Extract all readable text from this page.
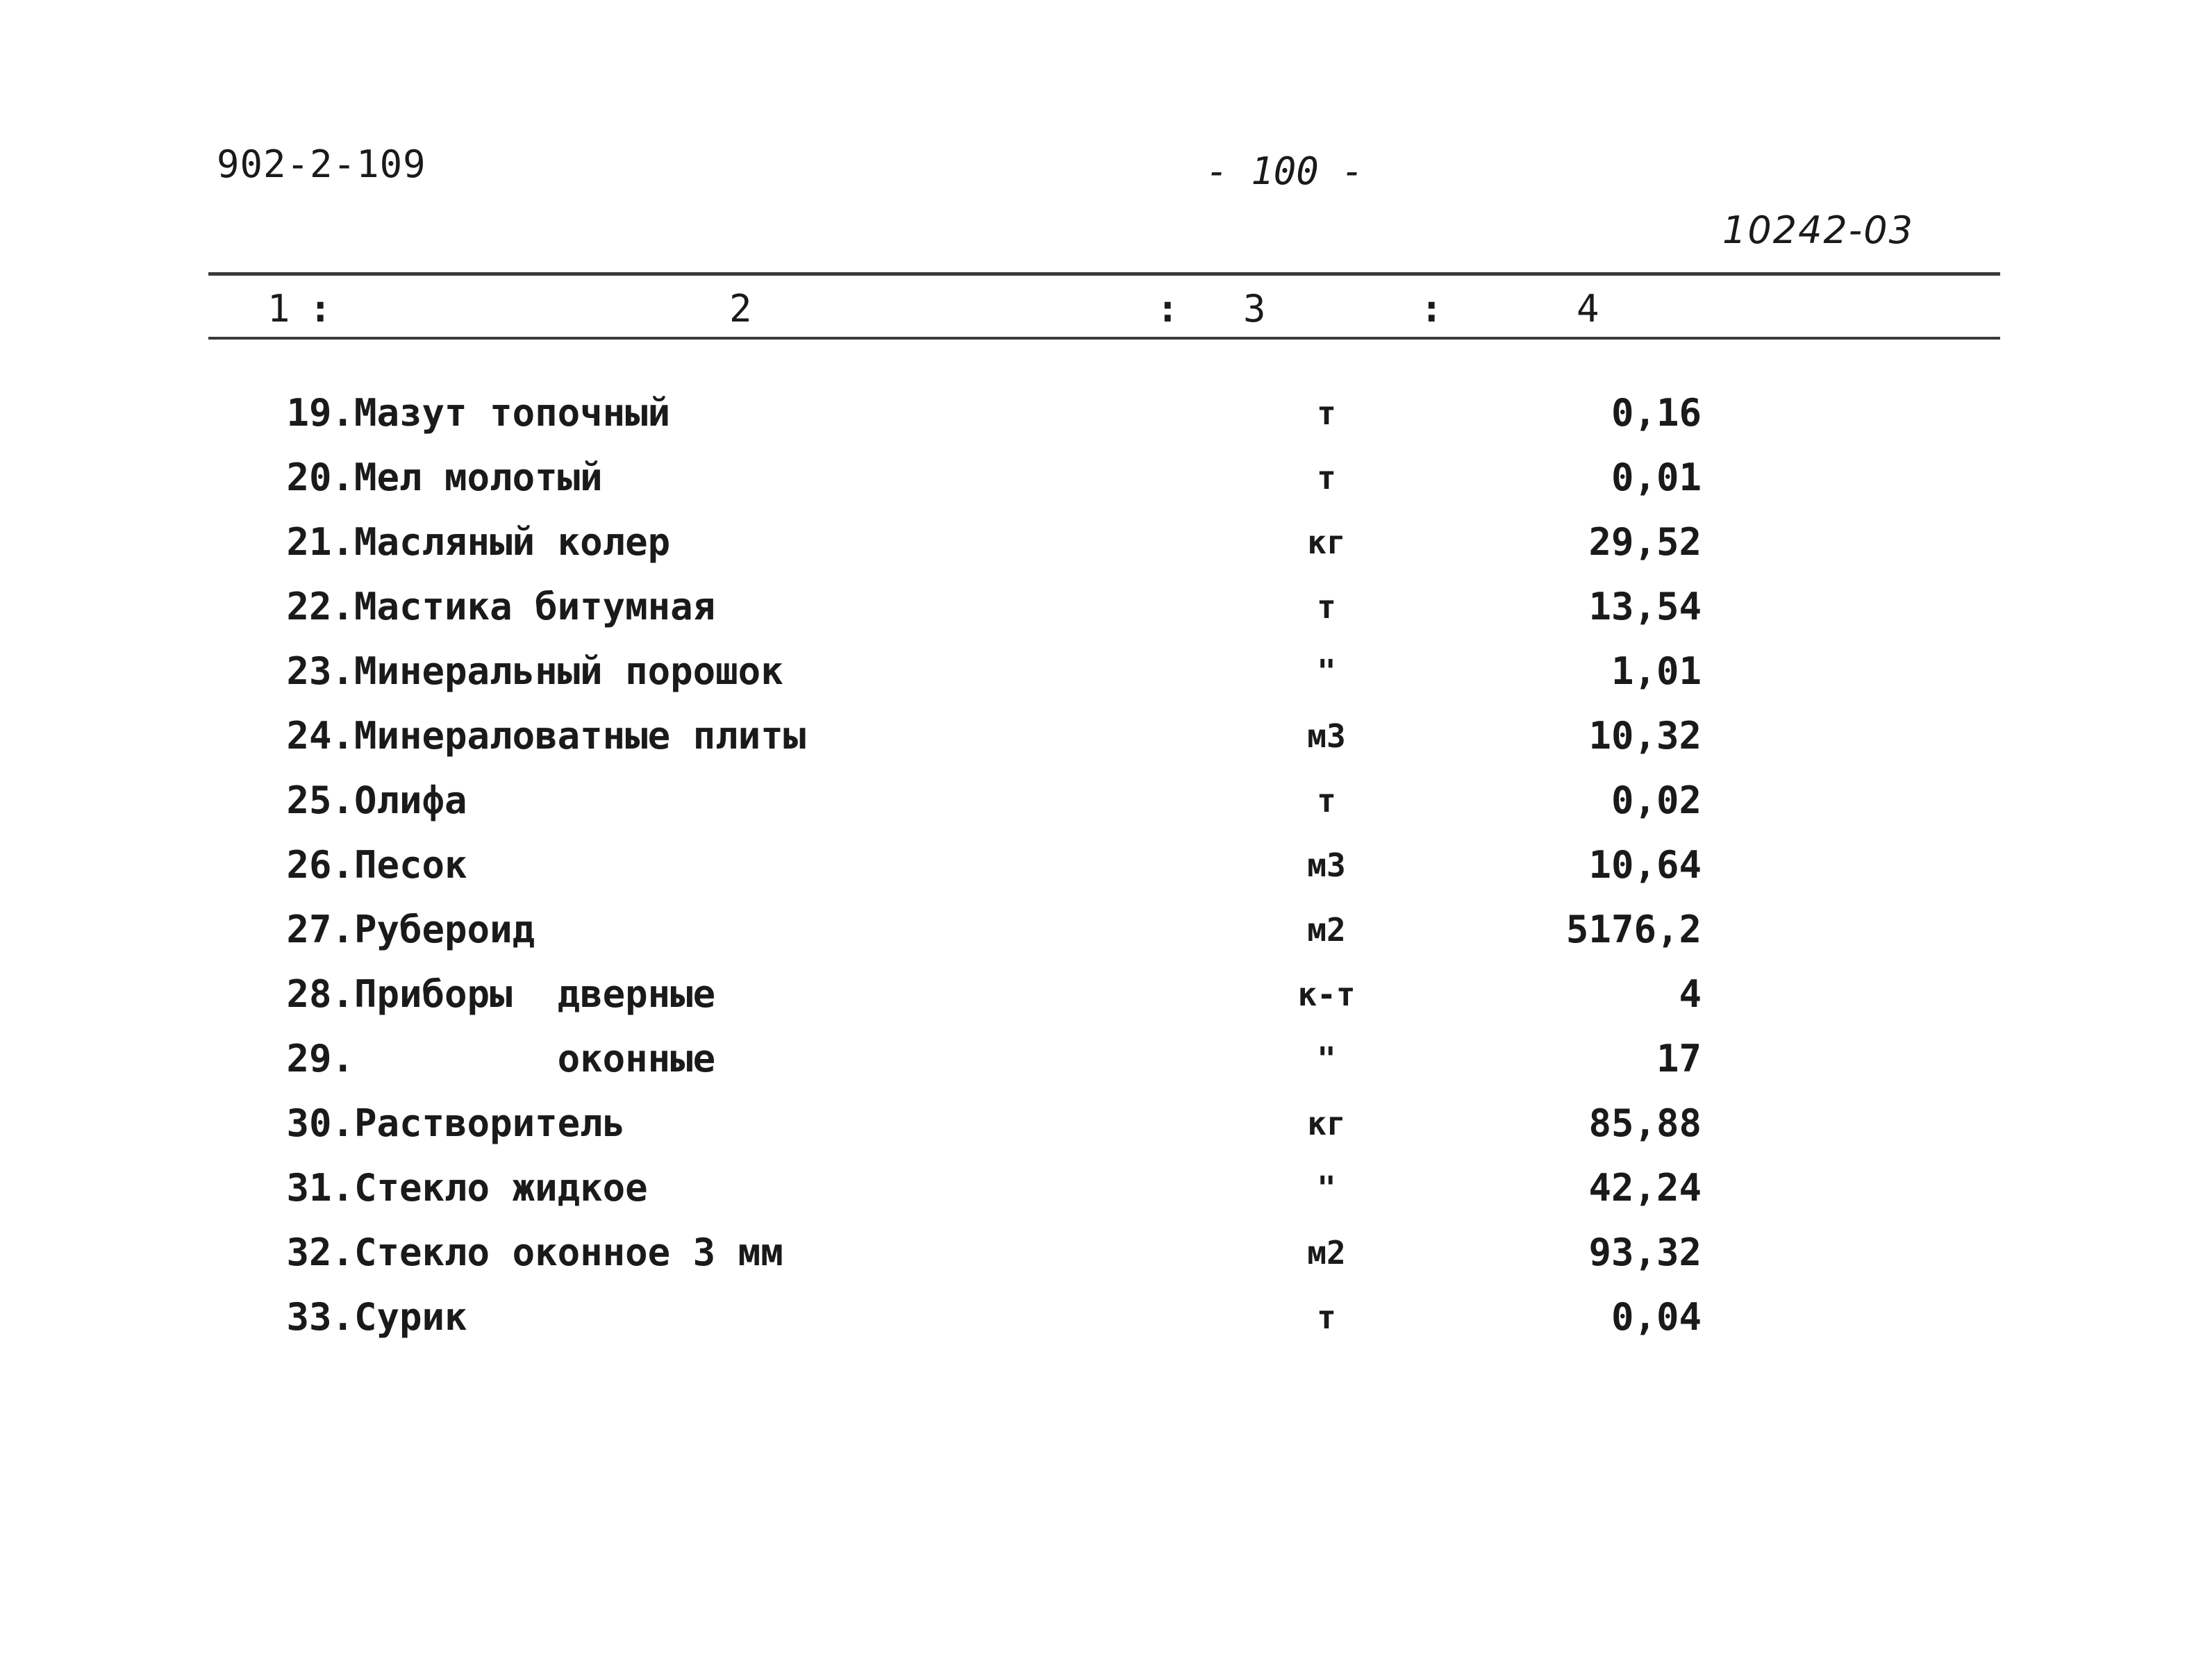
902-2-109	- 100 -
10242-03
1 :	2	: 3	:	4
19. Мазут топочный	т	0,16
20. Мел молотый	т	0,01
21. Масляный колер	кг	29,52
22. Мастика битумная	т	13,54
23. Минеральный порошок	"	1,01
24. Минераловатные плиты	м3	10,32
25. Олифа	т	0,02
26. Песок	м3	10,64
27. Рубероид	м2	5176,2
28. Приборы  дверные	к-т	4
29. оконные	"	17
30. Растворитель	кг	85,88
31. Стекло жидкое	"	42,24
32. Стекло оконное 3 мм	м2	93,32
33. Сурик	т	0,04
